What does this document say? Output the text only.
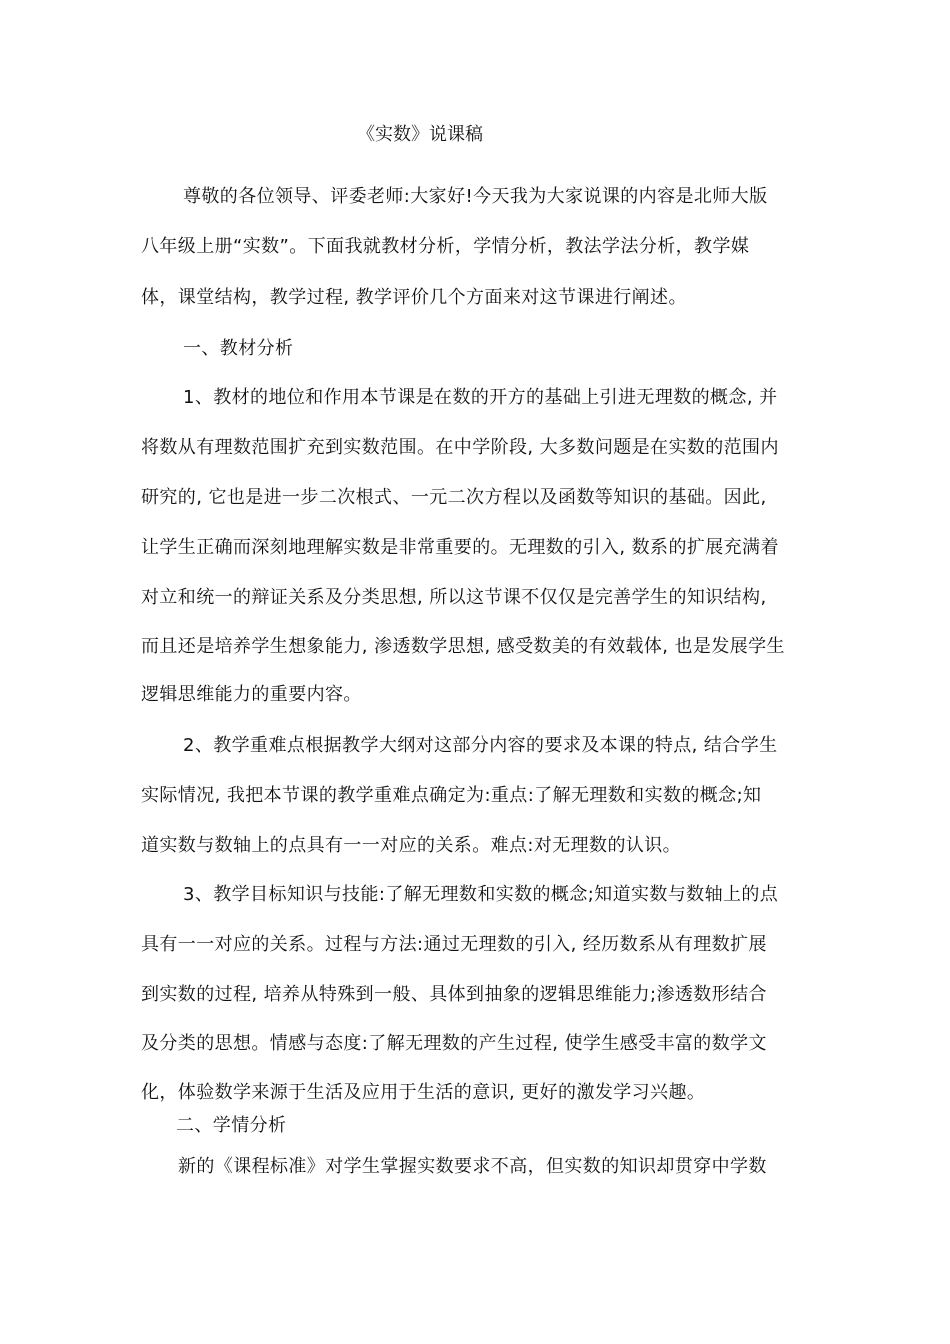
《实数》说课稿
尊敬的各位领导、评委老师:大家好!今天我为大家说课的内容是北师大版
八年级上册“实数”。下面我就教材分析，学情分析，教法学法分析，教学媒
体，课堂结构，教学过程, 教学评价几个方面来对这节课进行阐述。
一、教材分析
1、教材的地位和作用本节课是在数的开方的基础上引进无理数的概念, 并
将数从有理数范围扩充到实数范围。在中学阶段, 大多数问题是在实数的范围内
研究的, 它也是进一步二次根式、一元二次方程以及函数等知识的基础。因此,
让学生正确而深刻地理解实数是非常重要的。无理数的引入, 数系的扩展充满着
对立和统一的辩证关系及分类思想, 所以这节课不仅仅是完善学生的知识结构,
而且还是培养学生想象能力, 渗透数学思想, 感受数美的有效载体, 也是发展学生
逻辑思维能力的重要内容。
2、教学重难点根据教学大纲对这部分内容的要求及本课的特点, 结合学生
实际情况, 我把本节课的教学重难点确定为:重点:了解无理数和实数的概念;知
道实数与数轴上的点具有一一对应的关系。难点:对无理数的认识。
3、教学目标知识与技能:了解无理数和实数的概念;知道实数与数轴上的点
具有一一对应的关系。过程与方法:通过无理数的引入, 经历数系从有理数扩展
到实数的过程, 培养从特殊到一般、具体到抽象的逻辑思维能力;渗透数形结合
及分类的思想。情感与态度:了解无理数的产生过程, 使学生感受丰富的数学文
化，体验数学来源于生活及应用于生活的意识, 更好的激发学习兴趣。
二、学情分析
新的《课程标准》对学生掌握实数要求不高，但实数的知识却贯穿中学数
